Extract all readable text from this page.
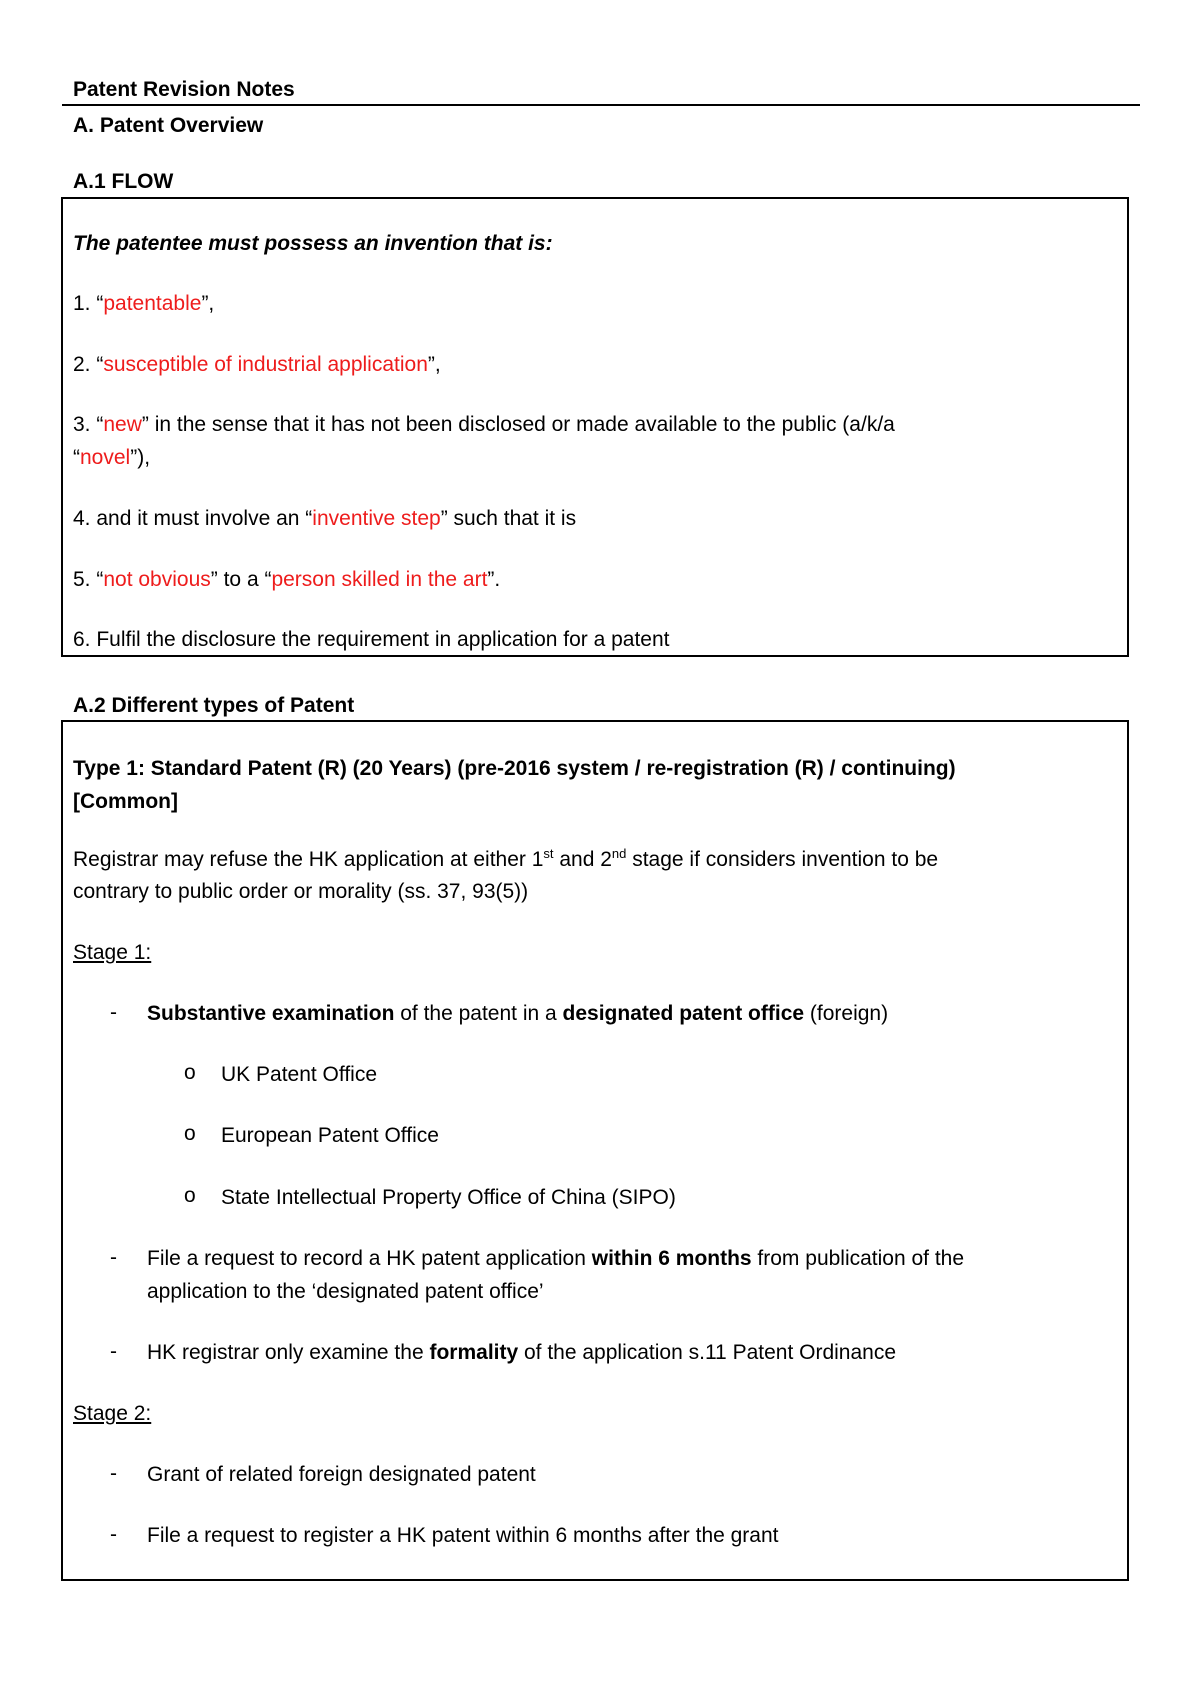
Patent Revision Notes
A. Patent Overview
A.1 FLOW
The patentee must possess an invention that is:
1. “patentable”,
2. “susceptible of industrial application”,
3. “new” in the sense that it has not been disclosed or made available to the public (a/k/a
“novel”),
4. and it must involve an “inventive step” such that it is
5. “not obvious” to a “person skilled in the art”.
6. Fulfil the disclosure the requirement in application for a patent
A.2 Different types of Patent
Type 1: Standard Patent (R) (20 Years) (pre-2016 system / re-registration (R) / continuing)
[Common]
Registrar may refuse the HK application at either 1st and 2nd stage if considers invention to be
contrary to public order or morality (ss. 37, 93(5))
Stage 1:
- Substantive examination of the patent in a designated patent office (foreign)
o UK Patent Office
o European Patent Office
o State Intellectual Property Office of China (SIPO)
- File a request to record a HK patent application within 6 months from publication of the
application to the ‘designated patent office’
- HK registrar only examine the formality of the application s.11 Patent Ordinance
Stage 2:
- Grant of related foreign designated patent
- File a request to register a HK patent within 6 months after the grant
